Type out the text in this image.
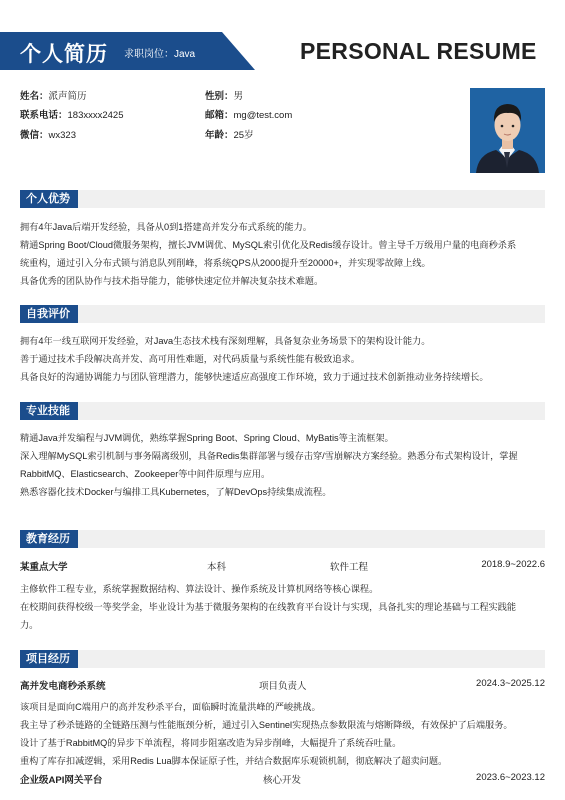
个人简历 求职岗位：Java	PERSONAL RESUME
姓名：派声简历	性别：男
联系电话：183xxxx2425	邮箱：mg@test.com
微信：wx323	年龄：25岁
个人优势
拥有4年Java后端开发经验，具备从0到1搭建高并发分布式系统的能力。
精通Spring Boot/Cloud微服务架构，擅长JVM调优、MySQL索引优化及Redis缓存设计。曾主导千万级用户量的电商秒杀系
统重构，通过引入分布式锁与消息队列削峰，将系统QPS从2000提升至20000+，并实现零故障上线。
具备优秀的团队协作与技术指导能力，能够快速定位并解决复杂技术难题。
自我评价
拥有4年一线互联网开发经验，对Java生态技术栈有深刻理解，具备复杂业务场景下的架构设计能力。
善于通过技术手段解决高并发、高可用性难题，对代码质量与系统性能有极致追求。
具备良好的沟通协调能力与团队管理潜力，能够快速适应高强度工作环境，致力于通过技术创新推动业务持续增长。
专业技能
精通Java并发编程与JVM调优，熟练掌握Spring Boot、Spring Cloud、MyBatis等主流框架。
深入理解MySQL索引机制与事务隔离级别，具备Redis集群部署与缓存击穿/雪崩解决方案经验。熟悉分布式架构设计，掌握
RabbitMQ、Elasticsearch、Zookeeper等中间件原理与应用。
熟悉容器化技术Docker与编排工具Kubernetes，了解DevOps持续集成流程。
教育经历
某重点大学	本科	软件工程	2018.9~2022.6
主修软件工程专业，系统掌握数据结构、算法设计、操作系统及计算机网络等核心课程。
在校期间获得校级一等奖学金，毕业设计为基于微服务架构的在线教育平台设计与实现，具备扎实的理论基础与工程实践能
力。
项目经历
高并发电商秒杀系统	项目负责人	2024.3~2025.12
该项目是面向C端用户的高并发秒杀平台，面临瞬时流量洪峰的严峻挑战。
我主导了秒杀链路的全链路压测与性能瓶颈分析，通过引入Sentinel实现热点参数限流与熔断降级，有效保护了后端服务。
设计了基于RabbitMQ的异步下单流程，将同步阻塞改造为异步削峰，大幅提升了系统吞吐量。
重构了库存扣减逻辑，采用Redis Lua脚本保证原子性，并结合数据库乐观锁机制，彻底解决了超卖问题。
企业级API网关平台	核心开发	2023.6~2023.12
